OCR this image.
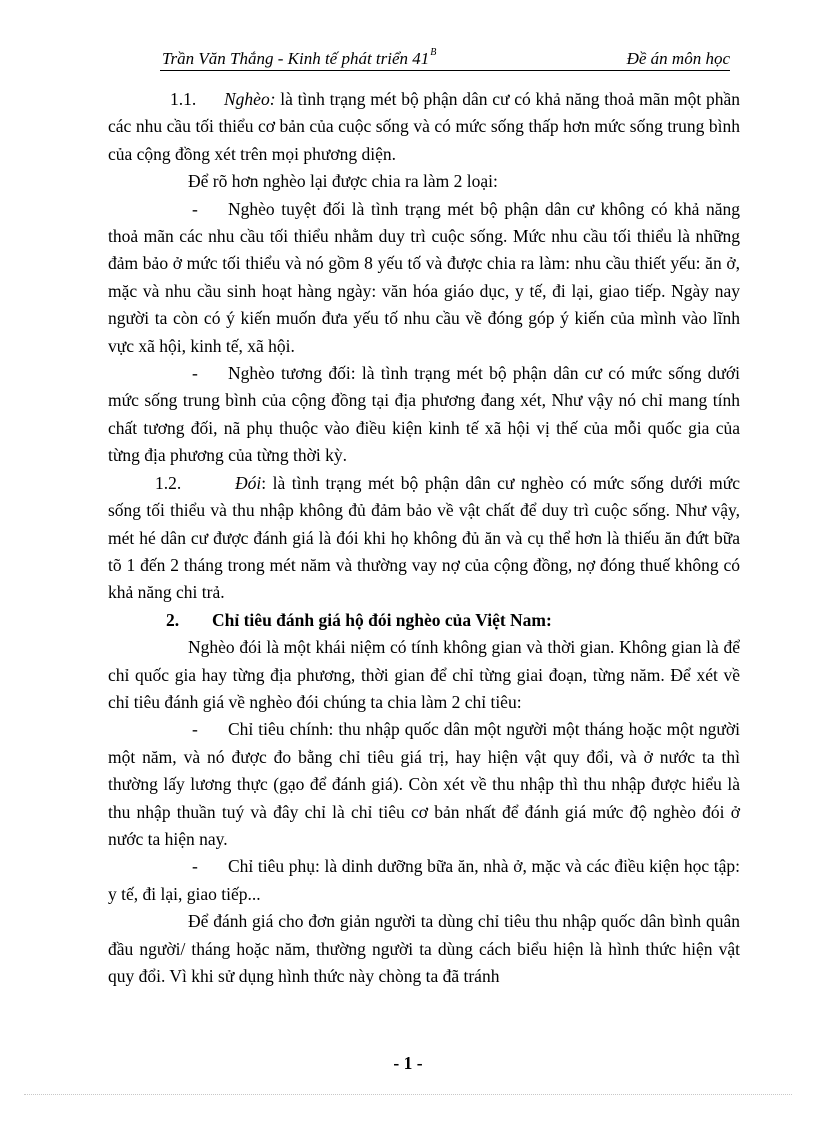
Trần Văn Thắng - Kinh tế phát triển $41^B$	Đề án môn học

1.1. Nghèo: là tình trạng mét bộ phận dân cư có khả năng thoả mãn một phần các nhu cầu tối thiểu cơ bản của cuộc sống và có mức sống thấp hơn mức sống trung bình của cộng đồng xét trên mọi phương diện.

Để rõ hơn nghèo lại được chia ra làm 2 loại:

- Nghèo tuyệt đối là tình trạng mét bộ phận dân cư không có khả năng thoả mãn các nhu cầu tối thiểu nhằm duy trì cuộc sống. Mức nhu cầu tối thiểu là những đảm bảo ở mức tối thiểu và nó gồm 8 yếu tố và được chia ra làm: nhu cầu thiết yếu: ăn ở, mặc và nhu cầu sinh hoạt hàng ngày: văn hóa giáo dục, y tế, đi lại, giao tiếp. Ngày nay người ta còn có ý kiến muốn đưa yếu tố nhu cầu về đóng góp ý kiến của mình vào lĩnh vực xã hội, kinh tế, xã hội.

- Nghèo tương đối: là tình trạng mét bộ phận dân cư có mức sống dưới mức sống trung bình của cộng đồng tại địa phương đang xét, Như vậy nó chỉ mang tính chất tương đối, nã phụ thuộc vào điều kiện kinh tế xã hội vị thế của mỗi quốc gia của từng địa phương của từng thời kỳ.

1.2.	Đói: là tình trạng mét bộ phận dân cư nghèo có mức sống dưới mức sống tối thiểu và thu nhập không đủ đảm bảo về vật chất để duy trì cuộc sống. Như vậy, mét hé dân cư được đánh giá là đói khi họ không đủ ăn và cụ thể hơn là thiếu ăn đứt bữa tõ 1 đến 2 tháng trong mét năm và thường vay nợ của cộng đồng, nợ đóng thuế không có khả năng chi trả.

2. Chỉ tiêu đánh giá hộ đói nghèo của Việt Nam:

Nghèo đói là một khái niệm có tính không gian và thời gian. Không gian là để chỉ quốc gia hay từng địa phương, thời gian để chỉ từng giai đoạn, từng năm. Để xét về chỉ tiêu đánh giá về nghèo đói chúng ta chia làm 2 chỉ tiêu:

- Chỉ tiêu chính: thu nhập quốc dân một người một tháng hoặc một người một năm, và nó được đo bằng chỉ tiêu giá trị, hay hiện vật quy đổi, và ở nước ta thì thường lấy lương thực (gạo để đánh giá). Còn xét về thu nhập thì thu nhập được hiểu là thu nhập thuần tuý và đây chỉ là chỉ tiêu cơ bản nhất để đánh giá mức độ nghèo đói ở nước ta hiện nay.

- Chỉ tiêu phụ: là dinh dưỡng bữa ăn, nhà ở, mặc và các điều kiện học tập: y tế, đi lại, giao tiếp...

Để đánh giá cho đơn giản người ta dùng chỉ tiêu thu nhập quốc dân bình quân đầu người/ tháng hoặc năm, thường người ta dùng cách biểu hiện là hình thức hiện vật quy đổi. Vì khi sử dụng hình thức này chòng ta đã tránh

- 1 -
